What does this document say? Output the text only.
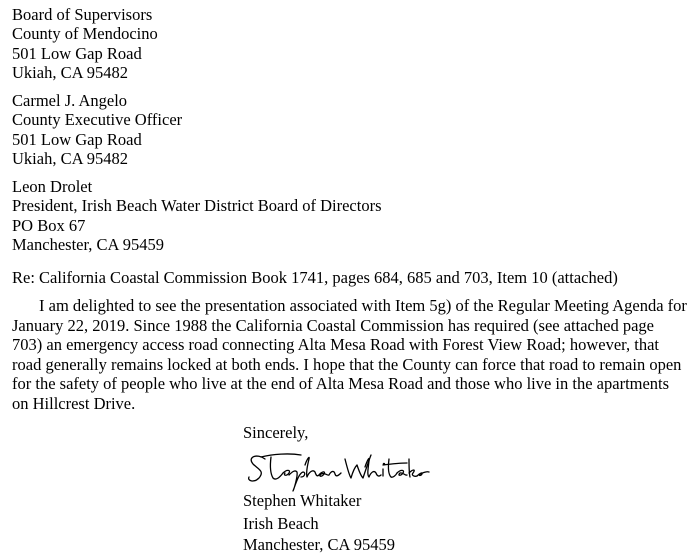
Board of Supervisors
County of Mendocino
501 Low Gap Road
Ukiah, CA 95482
Carmel J. Angelo
County Executive Officer
501 Low Gap Road
Ukiah, CA 95482
Leon Drolet
President, Irish Beach Water District Board of Directors
PO Box 67
Manchester, CA 95459
Re: California Coastal Commission Book 1741, pages 684, 685 and 703, Item 10 (attached)
I am delighted to see the presentation associated with Item 5g) of the Regular Meeting Agenda for January 22, 2019. Since 1988 the California Coastal Commission has required (see attached page 703) an emergency access road connecting Alta Mesa Road with Forest View Road; however, that road generally remains locked at both ends. I hope that the County can force that road to remain open for the safety of people who live at the end of Alta Mesa Road and those who live in the apartments on Hillcrest Drive.
Sincerely,
Stephen Whitaker
Irish Beach
Manchester, CA 95459
